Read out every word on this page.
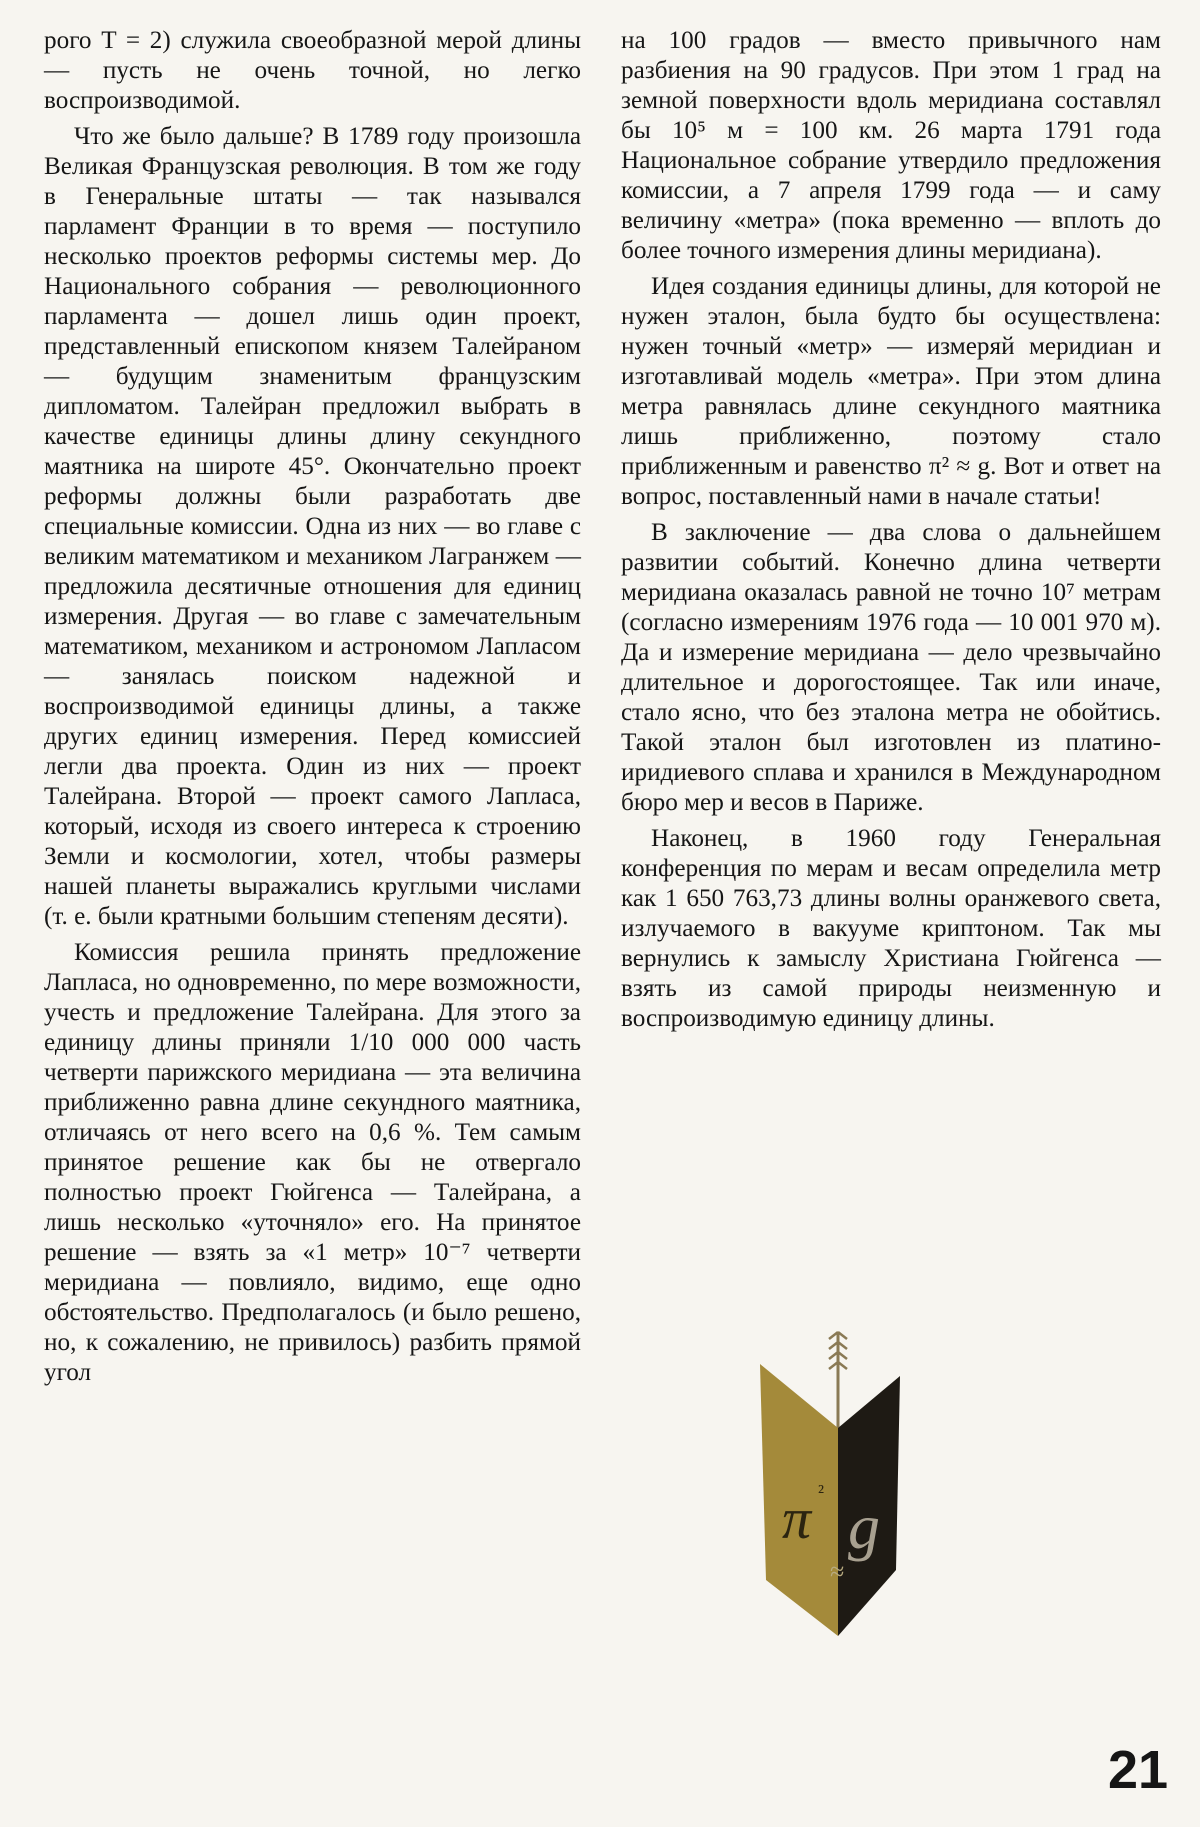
рого T = 2) служила своеобразной мерой длины — пусть не очень точной, но легко воспроизводимой.

Что же было дальше? В 1789 году произошла Великая Французская революция. В том же году в Генеральные штаты — так назывался парламент Франции в то время — поступило несколько проектов реформы системы мер. До Национального собрания — революционного парламента — дошел лишь один проект, представленный епископом князем Талейраном — будущим знаменитым французским дипломатом. Талейран предложил выбрать в качестве единицы длины длину секундного маятника на широте 45°. Окончательно проект реформы должны были разработать две специальные комиссии. Одна из них — во главе с великим математиком и механиком Лагранжем — предложила десятичные отношения для единиц измерения. Другая — во главе с замечательным математиком, механиком и астрономом Лапласом — занялась поиском надежной и воспроизводимой единицы длины, а также других единиц измерения. Перед комиссией легли два проекта. Один из них — проект Талейрана. Второй — проект самого Лапласа, который, исходя из своего интереса к строению Земли и космологии, хотел, чтобы размеры нашей планеты выражались круглыми числами (т. е. были кратными большим степеням десяти).

Комиссия решила принять предложение Лапласа, но одновременно, по мере возможности, учесть и предложение Талейрана. Для этого за единицу длины приняли 1/10 000 000 часть четверти парижского меридиана — эта величина приближенно равна длине секундного маятника, отличаясь от него всего на 0,6 %. Тем самым принятое решение как бы не отвергало полностью проект Гюйгенса — Талейрана, а лишь несколько «уточняло» его. На принятое решение — взять за «1 метр» 10⁻⁷ четверти меридиана — повлияло, видимо, еще одно обстоятельство. Предполагалось (и было решено, но, к сожалению, не привилось) разбить прямой угол

на 100 градов — вместо привычного нам разбиения на 90 градусов. При этом 1 град на земной поверхности вдоль меридиана составлял бы 10⁵ м = 100 км. 26 марта 1791 года Национальное собрание утвердило предложения комиссии, а 7 апреля 1799 года — и саму величину «метра» (пока временно — вплоть до более точного измерения длины меридиана).

Идея создания единицы длины, для которой не нужен эталон, была будто бы осуществлена: нужен точный «метр» — измеряй меридиан и изготавливай модель «метра». При этом длина метра равнялась длине секундного маятника лишь приближенно, поэтому стало приближенным и равенство π² ≈ g. Вот и ответ на вопрос, поставленный нами в начале статьи!

В заключение — два слова о дальнейшем развитии событий. Конечно длина четверти меридиана оказалась равной не точно 10⁷ метрам (согласно измерениям 1976 года — 10 001 970 м). Да и измерение меридиана — дело чрезвычайно длительное и дорогостоящее. Так или иначе, стало ясно, что без эталона метра не обойтись. Такой эталон был изготовлен из платино-иридиевого сплава и хранился в Международном бюро мер и весов в Париже.

Наконец, в 1960 году Генеральная конференция по мерам и весам определила метр как 1 650 763,73 длины волны оранжевого света, излучаемого в вакууме криптоном. Так мы вернулись к замыслу Христиана Гюйгенса — взять из самой природы неизменную и воспроизводимую единицу длины.

π ² g
≈
21
